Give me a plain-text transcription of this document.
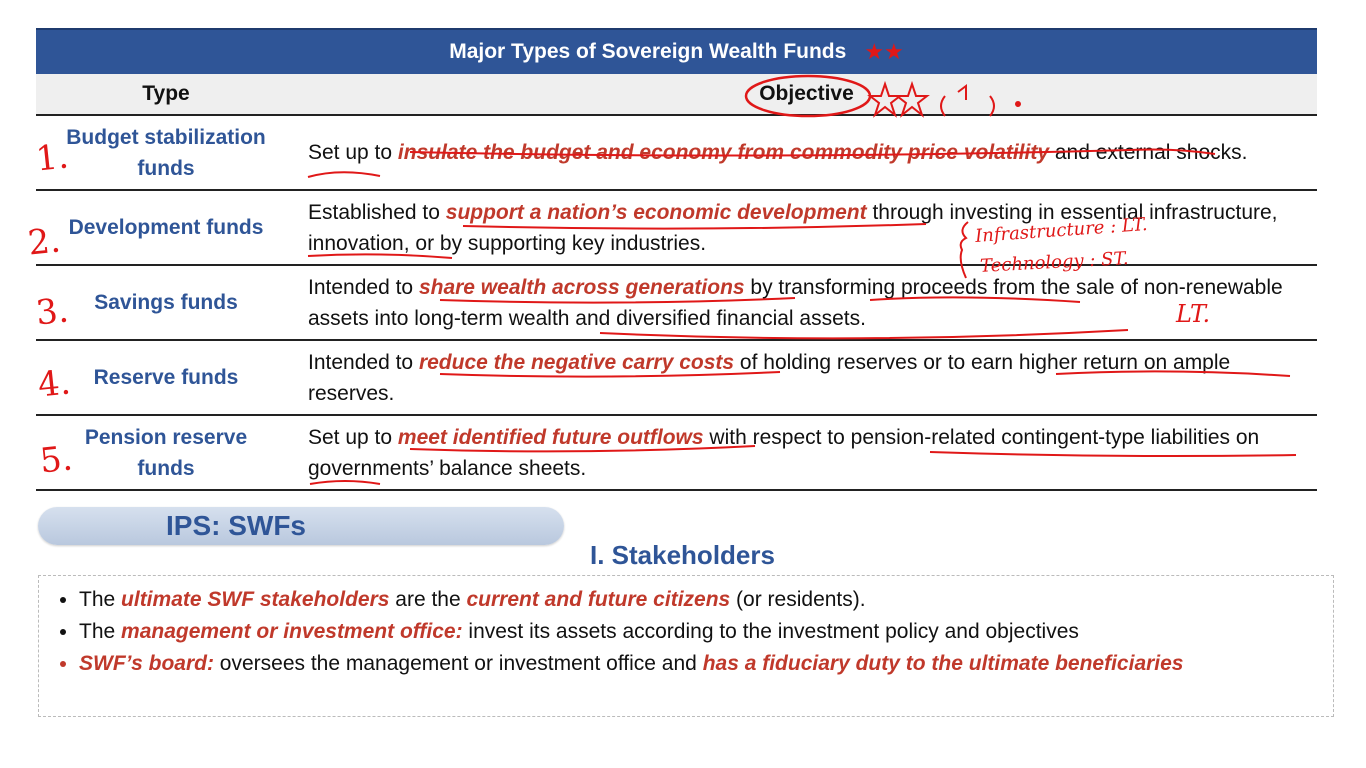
Major Types of Sovereign Wealth Funds ★★
Type	Objective
Budget stabilization
funds
Set up to insulate the budget and economy from commodity price volatility and external shocks.
Development funds
Established to support a nation’s economic development through investing in essential infrastructure, innovation, or by supporting key industries.
Savings funds
Intended to share wealth across generations by transforming proceeds from the sale of non-renewable assets into long-term wealth and diversified financial assets.
Reserve funds
Intended to reduce the negative carry costs of holding reserves or to earn higher return on ample reserves.
Pension reserve
funds
Set up to meet identified future outflows with respect to pension-related contingent-type liabilities on governments’ balance sheets.
1.
2.
3.
4.
5.
Infrastructure : LT.
Technology : ST.
LT.
IPS: SWFs
I. Stakeholders
• The ultimate SWF stakeholders are the current and future citizens (or residents).
• The management or investment office: invest its assets according to the investment policy and objectives
• SWF’s board: oversees the management or investment office and has a fiduciary duty to the ultimate beneficiaries
